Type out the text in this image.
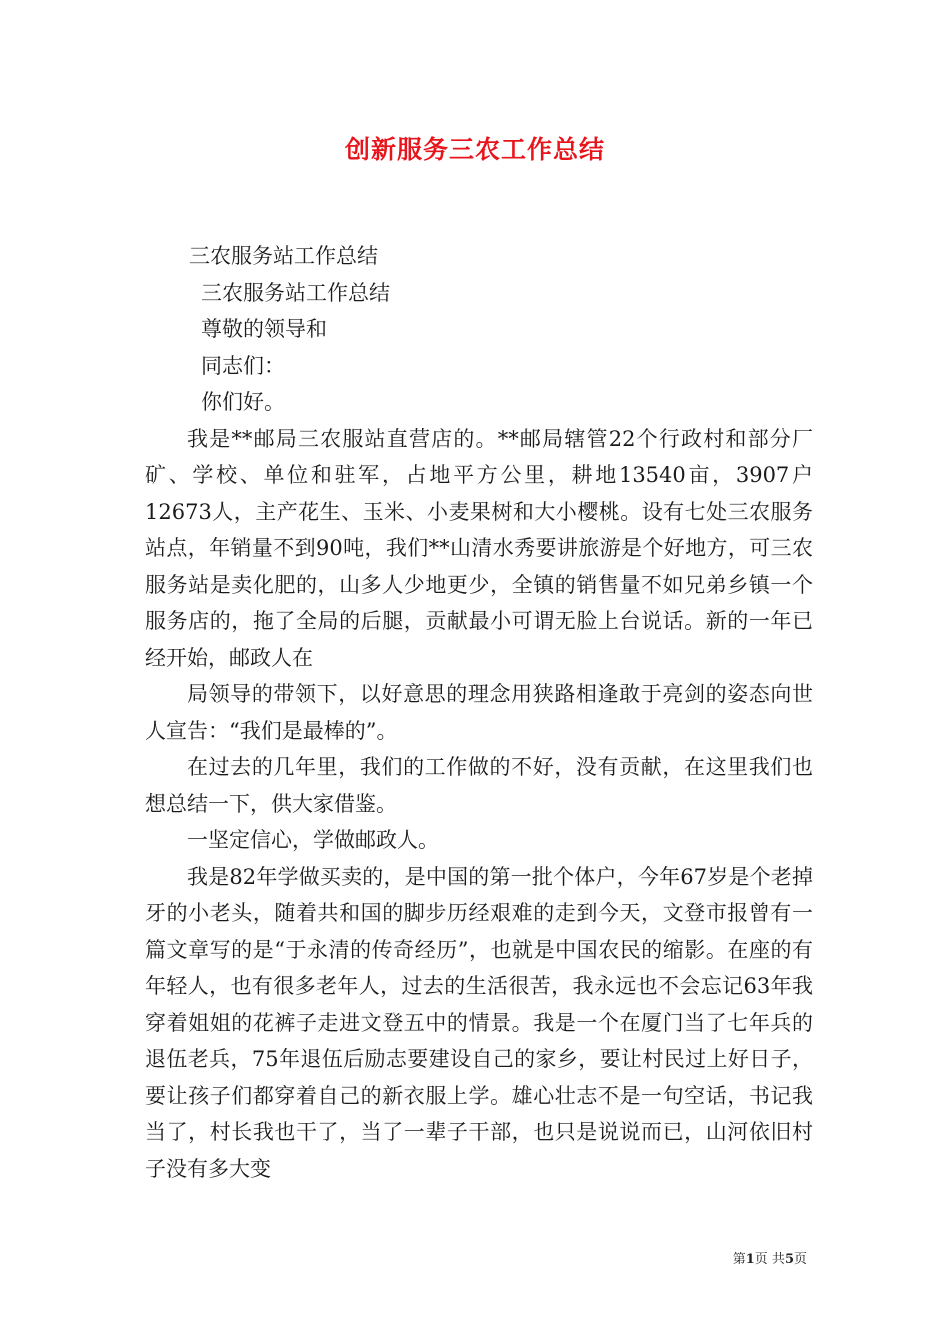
创新服务三农工作总结

三农服务站工作总结

三农服务站工作总结

尊敬的领导和

同志们：

你们好。

我是**邮局三农服站直营店的。**邮局辖管22个行政村和部分厂矿、学校、单位和驻军，占地平方公里，耕地13540亩，3907户12673人，主产花生、玉米、小麦果树和大小樱桃。设有七处三农服务站点，年销量不到90吨，我们**山清水秀要讲旅游是个好地方，可三农服务站是卖化肥的，山多人少地更少，全镇的销售量不如兄弟乡镇一个服务店的，拖了全局的后腿，贡献最小可谓无脸上台说话。新的一年已经开始，邮政人在

局领导的带领下，以好意思的理念用狭路相逢敢于亮剑的姿态向世人宣告：“我们是最棒的”。

在过去的几年里，我们的工作做的不好，没有贡献，在这里我们也想总结一下，供大家借鉴。

一坚定信心，学做邮政人。

我是82年学做买卖的，是中国的第一批个体户，今年67岁是个老掉牙的小老头，随着共和国的脚步历经艰难的走到今天，文登市报曾有一篇文章写的是“于永清的传奇经历”，也就是中国农民的缩影。在座的有年轻人，也有很多老年人，过去的生活很苦，我永远也不会忘记63年我穿着姐姐的花裤子走进文登五中的情景。我是一个在厦门当了七年兵的退伍老兵，75年退伍后励志要建设自己的家乡，要让村民过上好日子，要让孩子们都穿着自己的新衣服上学。雄心壮志不是一句空话，书记我当了，村长我也干了，当了一辈子干部，也只是说说而已，山河依旧村子没有多大变

第1页 共5页
